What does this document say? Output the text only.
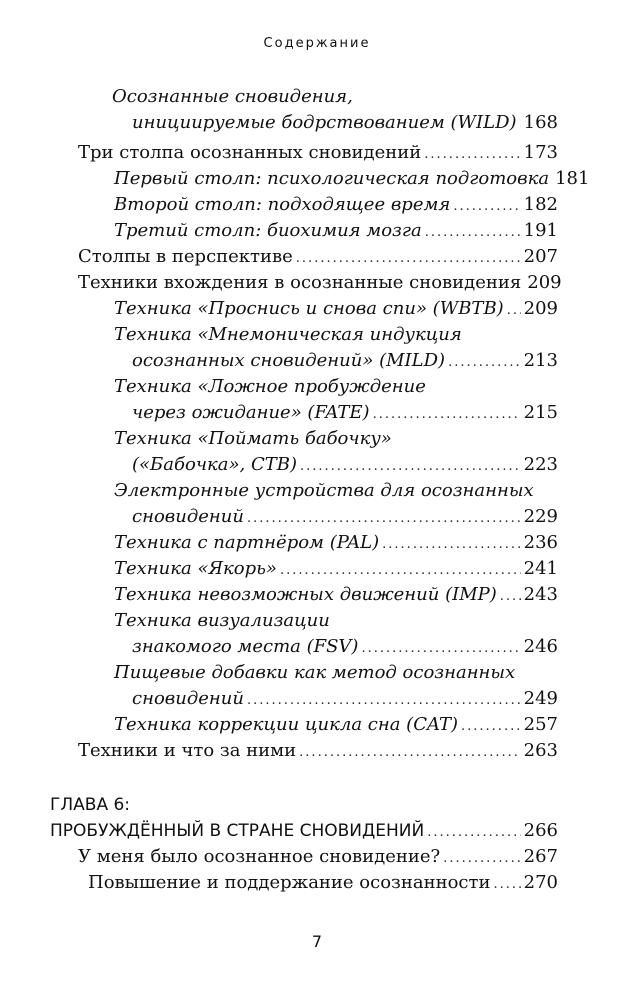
Содержание
Осознанные сновидения,
инициируемые бодрствованием (WILD) ..... 168
Три столпа осознанных сновидений .....	173
Первый столп: психологическая подготовка 181
Второй столп: подходящее время .....	182
Третий столп: биохимия мозга .....	191
Столпы в перспективе .....	207
Техники вхождения в осознанные сновидения 209
Техника «Проснись и снова спи» (WBTB) ..... 209
Техника «Мнемоническая индукция
осознанных сновидений» (MILD) .....	213
Техника «Ложное пробуждение
через ожидание» (FATE) .....	215
Техника «Поймать бабочку»
(«Бабочка», СТВ) .....	223
Электронные устройства для осознанных
сновидений .....	229
Техника с партнёром (PAL) .....	236
Техника «Якорь» .....	241
Техника невозможных движений (IMP) ..... 243
Техника визуализации
знакомого места (FSV) .....	246
Пищевые добавки как метод осознанных
сновидений .....	249
Техника коррекции цикла сна (CAT) .....	257
Техники и что за ними .....	263
ГЛАВА 6:
ПРОБУЖДЁННЫЙ В СТРАНЕ СНОВИДЕНИЙ .....	266
У меня было осознанное сновидение? .....	267
Повышение и поддержание осознанности ..... 270
7
